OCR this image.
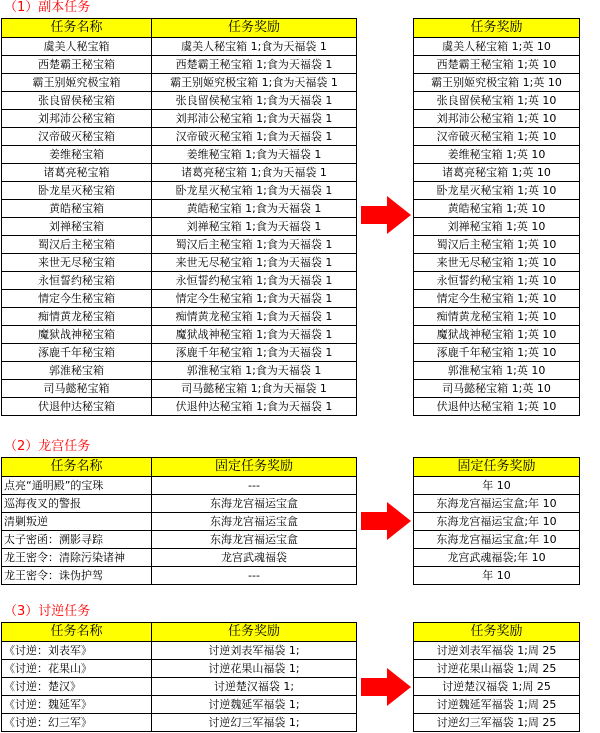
（1）副本任务
任务名称	任务奖励
虞美人秘宝箱	虞美人秘宝箱 1;食为天福袋 1
西楚霸王秘宝箱	西楚霸王秘宝箱 1;食为天福袋 1
霸王别姬究极宝箱	霸王别姬究极宝箱 1;食为天福袋 1
张良留侯秘宝箱	张良留侯秘宝箱 1;食为天福袋 1
刘邦沛公秘宝箱	刘邦沛公秘宝箱 1;食为天福袋 1
汉帝破灭秘宝箱	汉帝破灭秘宝箱 1;食为天福袋 1
姜维秘宝箱	姜维秘宝箱 1;食为天福袋 1
诸葛亮秘宝箱	诸葛亮秘宝箱 1;食为天福袋 1
卧龙星灭秘宝箱	卧龙星灭秘宝箱 1;食为天福袋 1
黄皓秘宝箱	黄皓秘宝箱 1;食为天福袋 1
刘禅秘宝箱	刘禅秘宝箱 1;食为天福袋 1
蜀汉后主秘宝箱	蜀汉后主秘宝箱 1;食为天福袋 1
来世无尽秘宝箱	来世无尽秘宝箱 1;食为天福袋 1
永恒誓约秘宝箱	永恒誓约秘宝箱 1;食为天福袋 1
情定今生秘宝箱	情定今生秘宝箱 1;食为天福袋 1
痴情黄龙秘宝箱	痴情黄龙秘宝箱 1;食为天福袋 1
魔狱战神秘宝箱	魔狱战神秘宝箱 1;食为天福袋 1
涿鹿千年秘宝箱	涿鹿千年秘宝箱 1;食为天福袋 1
郭淮秘宝箱	郭淮秘宝箱 1;食为天福袋 1
司马懿秘宝箱	司马懿秘宝箱 1;食为天福袋 1
伏退仲达秘宝箱	伏退仲达秘宝箱 1;食为天福袋 1
任务奖励
虞美人秘宝箱 1;英 10
西楚霸王秘宝箱 1;英 10
霸王别姬究极宝箱 1;英 10
张良留侯秘宝箱 1;英 10
刘邦沛公秘宝箱 1;英 10
汉帝破灭秘宝箱 1;英 10
姜维秘宝箱 1;英 10
诸葛亮秘宝箱 1;英 10
卧龙星灭秘宝箱 1;英 10
黄皓秘宝箱 1;英 10
刘禅秘宝箱 1;英 10
蜀汉后主秘宝箱 1;英 10
来世无尽秘宝箱 1;英 10
永恒誓约秘宝箱 1;英 10
情定今生秘宝箱 1;英 10
痴情黄龙秘宝箱 1;英 10
魔狱战神秘宝箱 1;英 10
涿鹿千年秘宝箱 1;英 10
郭淮秘宝箱 1;英 10
司马懿秘宝箱 1;英 10
伏退仲达秘宝箱 1;英 10
（2）龙宫任务
任务名称	固定任务奖励
点亮“通明殿”的宝珠	---
巡海夜叉的警报	东海龙宫福运宝盒
清剿叛逆	东海龙宫福运宝盒
太子密函：溯影寻踪	东海龙宫福运宝盒
龙王密令：清除污染诸神	龙宫武魂福袋
龙王密令：诛伪护驾	---
固定任务奖励
年 10
东海龙宫福运宝盒;年 10
东海龙宫福运宝盒;年 10
东海龙宫福运宝盒;年 10
龙宫武魂福袋;年 10
年 10
（3）讨逆任务
任务名称	任务奖励
《讨逆：刘表军》	讨逆刘表军福袋 1;
《讨逆：花果山》	讨逆花果山福袋 1;
《讨逆：楚汉》	讨逆楚汉福袋 1;
《讨逆：魏延军》	讨逆魏延军福袋 1;
《讨逆：幻三军》	讨逆幻三军福袋 1;
任务奖励
讨逆刘表军福袋 1;周 25
讨逆花果山福袋 1;周 25
讨逆楚汉福袋 1;周 25
讨逆魏延军福袋 1;周 25
讨逆幻三军福袋 1;周 25
